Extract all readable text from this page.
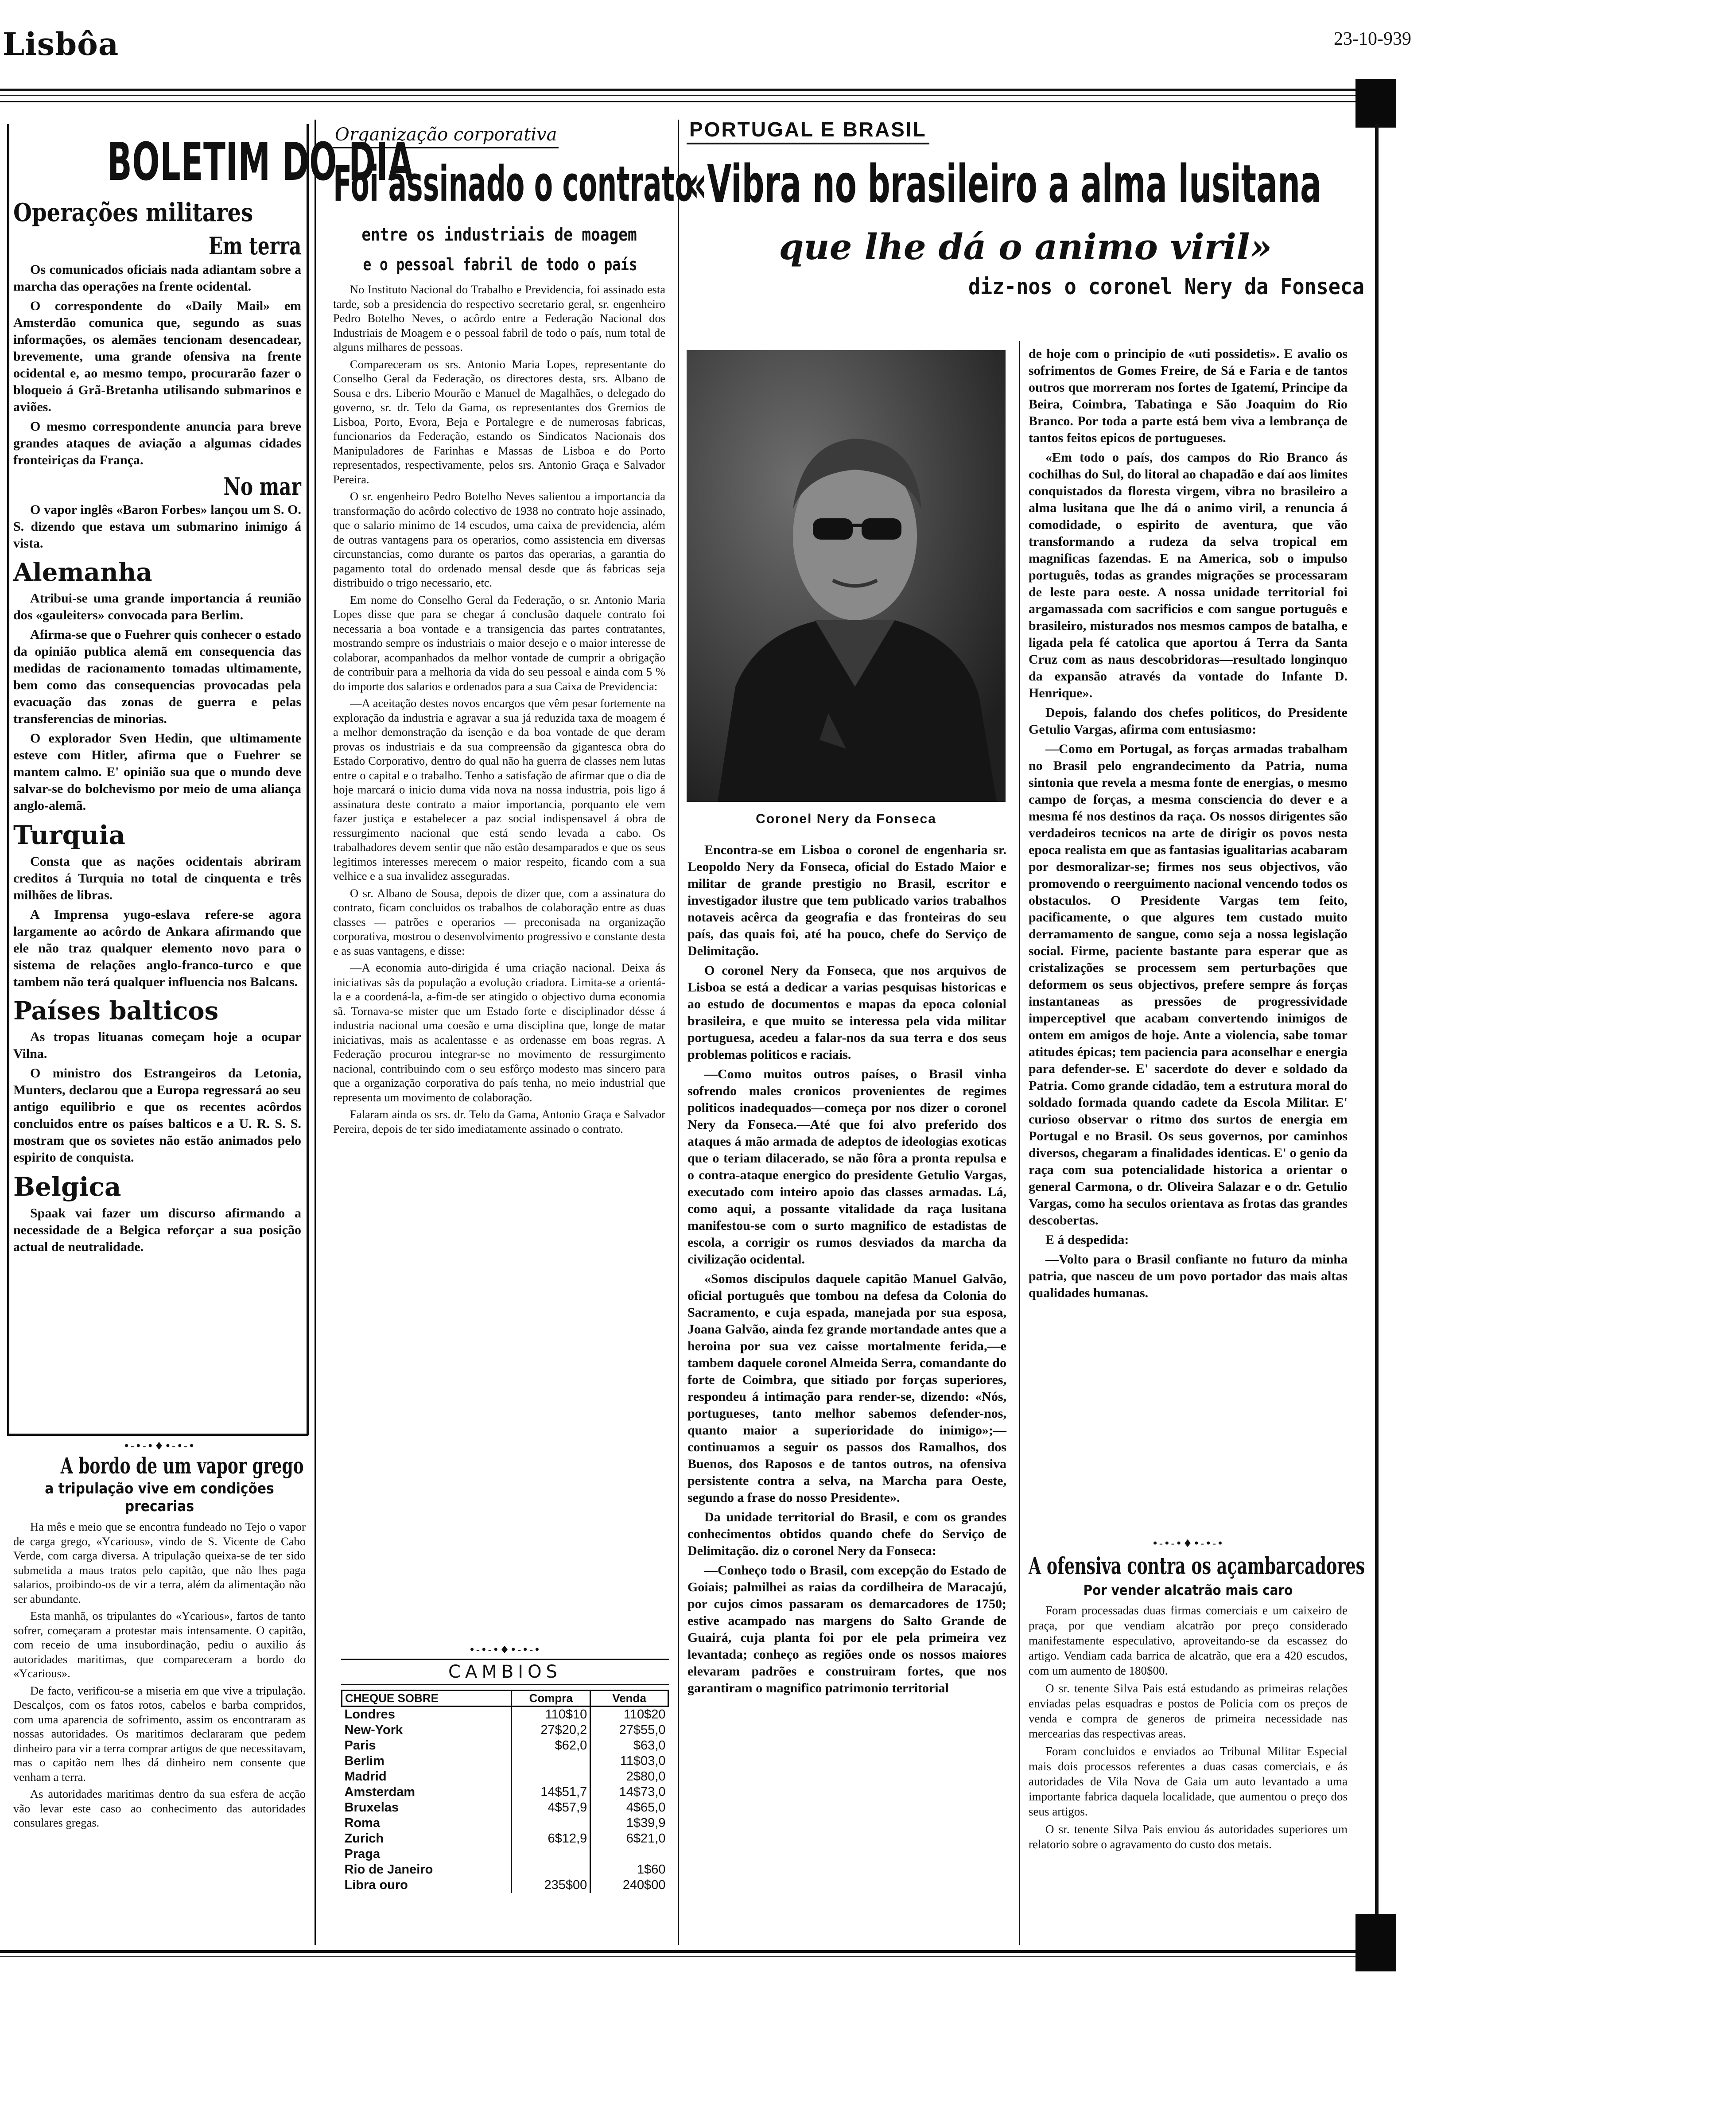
Lisbôa	23-10-939
BOLETIM DO DIA
Operações militares
Em terra

Os comunicados oficiais nada adiantam sobre a marcha das operações na frente ocidental.

O correspondente do «Daily Mail» em Amsterdão comunica que, segundo as suas informações, os alemães tencionam desencadear, brevemente, uma grande ofensiva na frente ocidental e, ao mesmo tempo, procurarão fazer o bloqueio á Grã-Bretanha utilisando submarinos e aviões.

O mesmo correspondente anuncia para breve grandes ataques de aviação a algumas cidades fronteiriças da França.

No mar

O vapor inglês «Baron Forbes» lançou um S. O. S. dizendo que estava um submarino inimigo á vista.

Alemanha

Atribui-se uma grande importancia á reunião dos «gauleiters» convocada para Berlim.

Afirma-se que o Fuehrer quis conhecer o estado da opinião publica alemã em consequencia das medidas de racionamento tomadas ultimamente, bem como das consequencias provocadas pela evacuação das zonas de guerra e pelas transferencias de minorias.

O explorador Sven Hedin, que ultimamente esteve com Hitler, afirma que o Fuehrer se mantem calmo. E' opinião sua que o mundo deve salvar-se do bolchevismo por meio de uma aliança anglo-alemã.

Turquia

Consta que as nações ocidentais abriram creditos á Turquia no total de cinquenta e três milhões de libras.

A Imprensa yugo-eslava refere-se agora largamente ao acôrdo de Ankara afirmando que ele não traz qualquer elemento novo para o sistema de relações anglo-franco-turco e que tambem não terá qualquer influencia nos Balcans.

Países balticos

As tropas lituanas começam hoje a ocupar Vilna.

O ministro dos Estrangeiros da Letonia, Munters, declarou que a Europa regressará ao seu antigo equilibrio e que os recentes acôrdos concluidos entre os países balticos e a U. R. S. S. mostram que os sovietes não estão animados pelo espirito de conquista.

Belgica

Spaak vai fazer um discurso afirmando a necessidade de a Belgica reforçar a sua posição actual de neutralidade.

•-•-•♦•-•-•
A bordo de um vapor grego
a tripulação vive em condições precarias

Ha mês e meio que se encontra fundeado no Tejo o vapor de carga grego, «Ycarious», vindo de S. Vicente de Cabo Verde, com carga diversa. A tripulação queixa-se de ter sido submetida a maus tratos pelo capitão, que não lhes paga salarios, proibindo-os de vir a terra, além da alimentação não ser abundante.

Esta manhã, os tripulantes do «Ycarious», fartos de tanto sofrer, começaram a protestar mais intensamente. O capitão, com receio de uma insubordinação, pediu o auxilio ás autoridades maritimas, que compareceram a bordo do «Ycarious».

De facto, verificou-se a miseria em que vive a tripulação. Descalços, com os fatos rotos, cabelos e barba compridos, com uma aparencia de sofrimento, assim os encontraram as nossas autoridades. Os maritimos declararam que pedem dinheiro para vir a terra comprar artigos de que necessitavam, mas o capitão nem lhes dá dinheiro nem consente que venham a terra.

As autoridades maritimas dentro da sua esfera de acção vão levar este caso ao conhecimento das autoridades consulares gregas.

Organização corporativa
Foi assinado o contrato
entre os industriais de moagem
e o pessoal fabril de todo o país

No Instituto Nacional do Trabalho e Previdencia, foi assinado esta tarde, sob a presidencia do respectivo secretario geral, sr. engenheiro Pedro Botelho Neves, o acôrdo entre a Federação Nacional dos Industriais de Moagem e o pessoal fabril de todo o país, num total de alguns milhares de pessoas.

Compareceram os srs. Antonio Maria Lopes, representante do Conselho Geral da Federação, os directores desta, srs. Albano de Sousa e drs. Liberio Mourão e Manuel de Magalhães, o delegado do governo, sr. dr. Telo da Gama, os representantes dos Gremios de Lisboa, Porto, Evora, Beja e Portalegre e de numerosas fabricas, funcionarios da Federação, estando os Sindicatos Nacionais dos Manipuladores de Farinhas e Massas de Lisboa e do Porto representados, respectivamente, pelos srs. Antonio Graça e Salvador Pereira.

O sr. engenheiro Pedro Botelho Neves salientou a importancia da transformação do acôrdo colectivo de 1938 no contrato hoje assinado, que o salario minimo de 14 escudos, uma caixa de previdencia, além de outras vantagens para os operarios, como assistencia em diversas circunstancias, como durante os partos das operarias, a garantia do pagamento total do ordenado mensal desde que ás fabricas seja distribuido o trigo necessario, etc.

Em nome do Conselho Geral da Federação, o sr. Antonio Maria Lopes disse que para se chegar á conclusão daquele contrato foi necessaria a boa vontade e a transigencia das partes contratantes, mostrando sempre os industriais o maior desejo e o maior interesse de colaborar, acompanhados da melhor vontade de cumprir a obrigação de contribuir para a melhoria da vida do seu pessoal e ainda com 5 % do importe dos salarios e ordenados para a sua Caixa de Previdencia:

—A aceitação destes novos encargos que vêm pesar fortemente na exploração da industria e agravar a sua já reduzida taxa de moagem é a melhor demonstração da isenção e da boa vontade de que deram provas os industriais e da sua compreensão da gigantesca obra do Estado Corporativo, dentro do qual não ha guerra de classes nem lutas entre o capital e o trabalho. Tenho a satisfação de afirmar que o dia de hoje marcará o inicio duma vida nova na nossa industria, pois ligo á assinatura deste contrato a maior importancia, porquanto ele vem fazer justiça e estabelecer a paz social indispensavel á obra de ressurgimento nacional que está sendo levada a cabo. Os trabalhadores devem sentir que não estão desamparados e que os seus legitimos interesses merecem o maior respeito, ficando com a sua velhice e a sua invalidez asseguradas.

O sr. Albano de Sousa, depois de dizer que, com a assinatura do contrato, ficam concluidos os trabalhos de colaboração entre as duas classes — patrões e operarios — preconisada na organização corporativa, mostrou o desenvolvimento progressivo e constante desta e as suas vantagens, e disse:

—A economia auto-dirigida é uma criação nacional. Deixa ás iniciativas sãs da população a evolução criadora. Limita-se a orientá-la e a coordená-la, a-fim-de ser atingido o objectivo duma economia sã. Tornava-se mister que um Estado forte e disciplinador désse á industria nacional uma coesão e uma disciplina que, longe de matar iniciativas, mais as acalentasse e as ordenasse em boas regras. A Federação procurou integrar-se no movimento de ressurgimento nacional, contribuindo com o seu esfôrço modesto mas sincero para que a organização corporativa do país tenha, no meio industrial que representa um movimento de colaboração.

Falaram ainda os srs. dr. Telo da Gama, Antonio Graça e Salvador Pereira, depois de ter sido imediatamente assinado o contrato.

•-•-•♦•-•-•
CAMBIOS
CHEQUE SOBRE	Compra	Venda
Londres	110$10	110$20
New-York	27$20,2	27$55,0
Paris	$62,0	$63,0
Berlim		11$03,0
Madrid		2$80,0
Amsterdam	14$51,7	14$73,0
Bruxelas	4$57,9	4$65,0
Roma		1$39,9
Zurich	6$12,9	6$21,0
Praga		
Rio de Janeiro		1$60
Libra ouro	235$00	240$00
PORTUGAL E BRASIL
«Vibra no brasileiro a alma lusitana
que lhe dá o animo viril»
diz-nos o coronel Nery da Fonseca
Coronel Nery da Fonseca

Encontra-se em Lisboa o coronel de engenharia sr. Leopoldo Nery da Fonseca, oficial do Estado Maior e militar de grande prestigio no Brasil, escritor e investigador ilustre que tem publicado varios trabalhos notaveis acêrca da geografia e das fronteiras do seu país, das quais foi, até ha pouco, chefe do Serviço de Delimitação.

O coronel Nery da Fonseca, que nos arquivos de Lisboa se está a dedicar a varias pesquisas historicas e ao estudo de documentos e mapas da epoca colonial brasileira, e que muito se interessa pela vida militar portuguesa, acedeu a falar-nos da sua terra e dos seus problemas politicos e raciais.

—Como muitos outros países, o Brasil vinha sofrendo males cronicos provenientes de regimes politicos inadequados—começa por nos dizer o coronel Nery da Fonseca.—Até que foi alvo preferido dos ataques á mão armada de adeptos de ideologias exoticas que o teriam dilacerado, se não fôra a pronta repulsa e o contra-ataque energico do presidente Getulio Vargas, executado com inteiro apoio das classes armadas. Lá, como aqui, a possante vitalidade da raça lusitana manifestou-se com o surto magnifico de estadistas de escola, a corrigir os rumos desviados da marcha da civilização ocidental.

«Somos discipulos daquele capitão Manuel Galvão, oficial português que tombou na defesa da Colonia do Sacramento, e cuja espada, manejada por sua esposa, Joana Galvão, ainda fez grande mortandade antes que a heroina por sua vez caisse mortalmente ferida,—e tambem daquele coronel Almeida Serra, comandante do forte de Coimbra, que sitiado por forças superiores, respondeu á intimação para render-se, dizendo: «Nós, portugueses, tanto melhor sabemos defender-nos, quanto maior a superioridade do inimigo»;—continuamos a seguir os passos dos Ramalhos, dos Buenos, dos Raposos e de tantos outros, na ofensiva persistente contra a selva, na Marcha para Oeste, segundo a frase do nosso Presidente».

Da unidade territorial do Brasil, e com os grandes conhecimentos obtidos quando chefe do Serviço de Delimitação. diz o coronel Nery da Fonseca:

—Conheço todo o Brasil, com excepção do Estado de Goiais; palmilhei as raias da cordilheira de Maracajú, por cujos cimos passaram os demarcadores de 1750; estive acampado nas margens do Salto Grande de Guairá, cuja planta foi por ele pela primeira vez levantada; conheço as regiões onde os nossos maiores elevaram padrões e construiram fortes, que nos garantiram o magnifico patrimonio territorial

de hoje com o principio de «uti possidetis». E avalio os sofrimentos de Gomes Freire, de Sá e Faria e de tantos outros que morreram nos fortes de Igatemí, Principe da Beira, Coimbra, Tabatinga e São Joaquim do Rio Branco. Por toda a parte está bem viva a lembrança de tantos feitos epicos de portugueses.

«Em todo o país, dos campos do Rio Branco ás cochilhas do Sul, do litoral ao chapadão e daí aos limites conquistados da floresta virgem, vibra no brasileiro a alma lusitana que lhe dá o animo viril, a renuncia á comodidade, o espirito de aventura, que vão transformando a rudeza da selva tropical em magnificas fazendas. E na America, sob o impulso português, todas as grandes migrações se processaram de leste para oeste. A nossa unidade territorial foi argamassada com sacrificios e com sangue português e brasileiro, misturados nos mesmos campos de batalha, e ligada pela fé catolica que aportou á Terra da Santa Cruz com as naus descobridoras—resultado longinquo da expansão através da vontade do Infante D. Henrique».

Depois, falando dos chefes politicos, do Presidente Getulio Vargas, afirma com entusiasmo:

—Como em Portugal, as forças armadas trabalham no Brasil pelo engrandecimento da Patria, numa sintonia que revela a mesma fonte de energias, o mesmo campo de forças, a mesma consciencia do dever e a mesma fé nos destinos da raça. Os nossos dirigentes são verdadeiros tecnicos na arte de dirigir os povos nesta epoca realista em que as fantasias igualitarias acabaram por desmoralizar-se; firmes nos seus objectivos, vão promovendo o reerguimento nacional vencendo todos os obstaculos. O Presidente Vargas tem feito, pacificamente, o que algures tem custado muito derramamento de sangue, como seja a nossa legislação social. Firme, paciente bastante para esperar que as cristalizações se processem sem perturbações que deformem os seus objectivos, prefere sempre ás forças instantaneas as pressões de progressividade imperceptivel que acabam convertendo inimigos de ontem em amigos de hoje. Ante a violencia, sabe tomar atitudes épicas; tem paciencia para aconselhar e energia para defender-se. E' sacerdote do dever e soldado da Patria. Como grande cidadão, tem a estrutura moral do soldado formada quando cadete da Escola Militar. E' curioso observar o ritmo dos surtos de energia em Portugal e no Brasil. Os seus governos, por caminhos diversos, chegaram a finalidades identicas. E' o genio da raça com sua potencialidade historica a orientar o general Carmona, o dr. Oliveira Salazar e o dr. Getulio Vargas, como ha seculos orientava as frotas das grandes descobertas.

E á despedida:

—Volto para o Brasil confiante no futuro da minha patria, que nasceu de um povo portador das mais altas qualidades humanas.

•-•-•♦•-•-•
A ofensiva contra os açambarcadores
Por vender alcatrão mais caro

Foram processadas duas firmas comerciais e um caixeiro de praça, por que vendiam alcatrão por preço considerado manifestamente especulativo, aproveitando-se da escassez do artigo. Vendiam cada barrica de alcatrão, que era a 420 escudos, com um aumento de 180$00.

O sr. tenente Silva Pais está estudando as primeiras relações enviadas pelas esquadras e postos de Policia com os preços de venda e compra de generos de primeira necessidade nas mercearias das respectivas areas.

Foram concluidos e enviados ao Tribunal Militar Especial mais dois processos referentes a duas casas comerciais, e ás autoridades de Vila Nova de Gaia um auto levantado a uma importante fabrica daquela localidade, que aumentou o preço dos seus artigos.

O sr. tenente Silva Pais enviou ás autoridades superiores um relatorio sobre o agravamento do custo dos metais.
